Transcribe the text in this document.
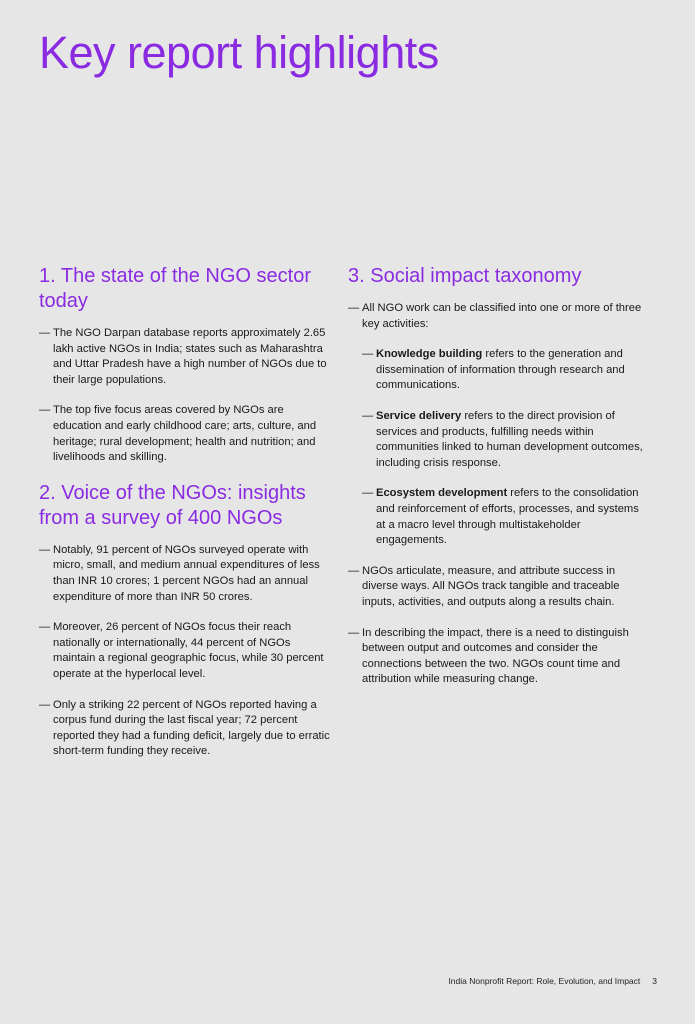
Key report highlights
1. The state of the NGO sector today

— The NGO Darpan database reports approximately 2.65 lakh active NGOs in India; states such as Maharashtra and Uttar Pradesh have a high number of NGOs due to their large populations.

— The top five focus areas covered by NGOs are education and early childhood care; arts, culture, and heritage; rural development; health and nutrition; and livelihoods and skilling.

2. Voice of the NGOs: insights from a survey of 400 NGOs

— Notably, 91 percent of NGOs surveyed operate with micro, small, and medium annual expenditures of less than INR 10 crores; 1 percent NGOs had an annual expenditure of more than INR 50 crores.

— Moreover, 26 percent of NGOs focus their reach nationally or internationally, 44 percent of NGOs maintain a regional geographic focus, while 30 percent operate at the hyperlocal level.

— Only a striking 22 percent of NGOs reported having a corpus fund during the last fiscal year; 72 percent reported they had a funding deficit, largely due to erratic short-term funding they receive.

3. Social impact taxonomy

— All NGO work can be classified into one or more of three key activities:

— Knowledge building refers to the generation and dissemination of information through research and communications.

— Service delivery refers to the direct provision of services and products, fulfilling needs within communities linked to human development outcomes, including crisis response.

— Ecosystem development refers to the consolidation and reinforcement of efforts, processes, and systems at a macro level through multistakeholder engagements.

— NGOs articulate, measure, and attribute success in diverse ways. All NGOs track tangible and traceable inputs, activities, and outputs along a results chain.

— In describing the impact, there is a need to distinguish between output and outcomes and consider the connections between the two. NGOs count time and attribution while measuring change.

India Nonprofit Report: Role, Evolution, and Impact 3
